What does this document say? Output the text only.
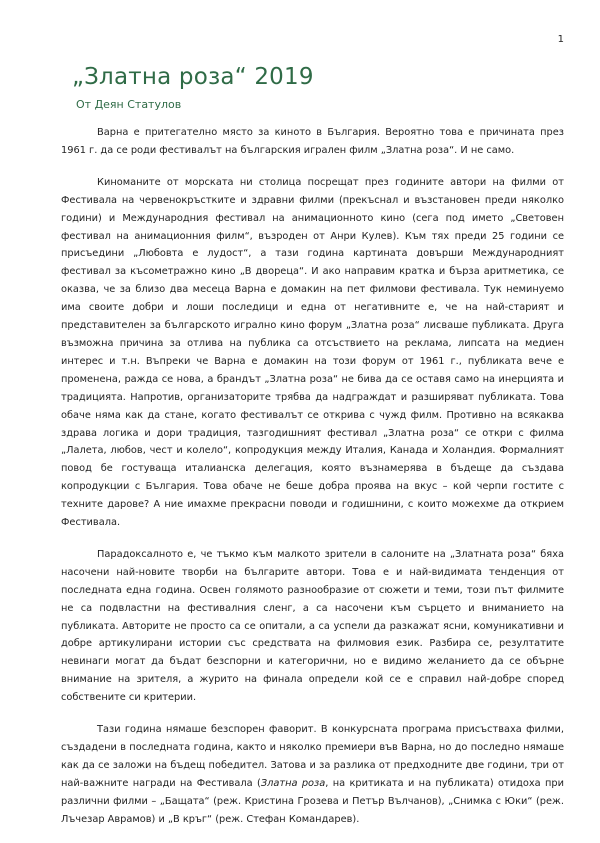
1
„Златна роза“ 2019

От Деян Статулов

Варна е притегателно място за киното в България. Вероятно това е причината през 1961 г. да се роди фестивалът на българския игрален филм „Златна роза“. И не само.

Киноманите от морската ни столица посрещат през годините автори на филми от Фестивала на червенокръстките и здравни филми (прекъснал и възстановен преди няколко години) и Международния фестивал на анимационното кино (сега под името „Световен фестивал на анимационния филм“, възроден от Анри Кулев). Към тях преди 25 години се присъедини „Любовта е лудост“, а тази година картината довърши Международният фестивал за късометражно кино „В двореца“. И ако направим кратка и бърза аритметика, се оказва, че за близо два месеца Варна е домакин на пет филмови фестивала. Тук неминуемо има своите добри и лоши последици и една от негативните е, че на най-старият и представителен за българското игрално кино форум „Златна роза“ лисваше публиката. Друга възможна причина за отлива на публика са отсъствието на реклама, липсата на медиен интерес и т.н. Въпреки че Варна е домакин на този форум от 1961 г., публиката вече е променена, ражда се нова, а брандът „Златна роза“ не бива да се оставя само на инерцията и традицията. Напротив, организаторите трябва да надграждат и разширяват публиката. Това обаче няма как да стане, когато фестивалът се открива с чужд филм. Противно на всякаква здрава логика и дори традиция, тазгодишният фестивал „Златна роза“ се откри с филма „Лалета, любов, чест и колело“, копродукция между Италия, Канада и Холандия. Формалният повод бе гостуваща италианска делегация, която възнамерява в бъдеще да създава копродукции с България. Това обаче не беше добра проява на вкус – кой черпи гостите с техните дарове? А ние имахме прекрасни поводи и годишнини, с които можехме да открием Фестивала.

Парадоксалното е, че тъкмо към малкото зрители в салоните на „Златната роза“ бяха насочени най-новите творби на българите автори. Това е и най-видимата тенденция от последната една година. Освен голямото разнообразие от сюжети и теми, този път филмите не са подвластни на фестивалния сленг, а са насочени към сърцето и вниманието на публиката. Авторите не просто са се опитали, а са успели да разкажат ясни, комуникативни и добре артикулирани истории със средствата на филмовия език. Разбира се, резултатите невинаги могат да бъдат безспорни и категорични, но е видимо желанието да се обърне внимание на зрителя, а журито на финала определи кой се е справил най-добре според собствените си критерии.

Тази година нямаше безспорен фаворит. В конкурсната програма присъстваха филми, създадени в последната година, както и няколко премиери във Варна, но до последно нямаше как да се заложи на бъдещ победител. Затова и за разлика от предходните две години, три от най-важните награди на Фестивала (Златна роза, на критиката и на публиката) отидоха при различни филми – „Бащата“ (реж. Кристина Грозева и Петър Вълчанов), „Снимка с Юки“ (реж. Лъчезар Аврамов) и „В кръг“ (реж. Стефан Командарев).
